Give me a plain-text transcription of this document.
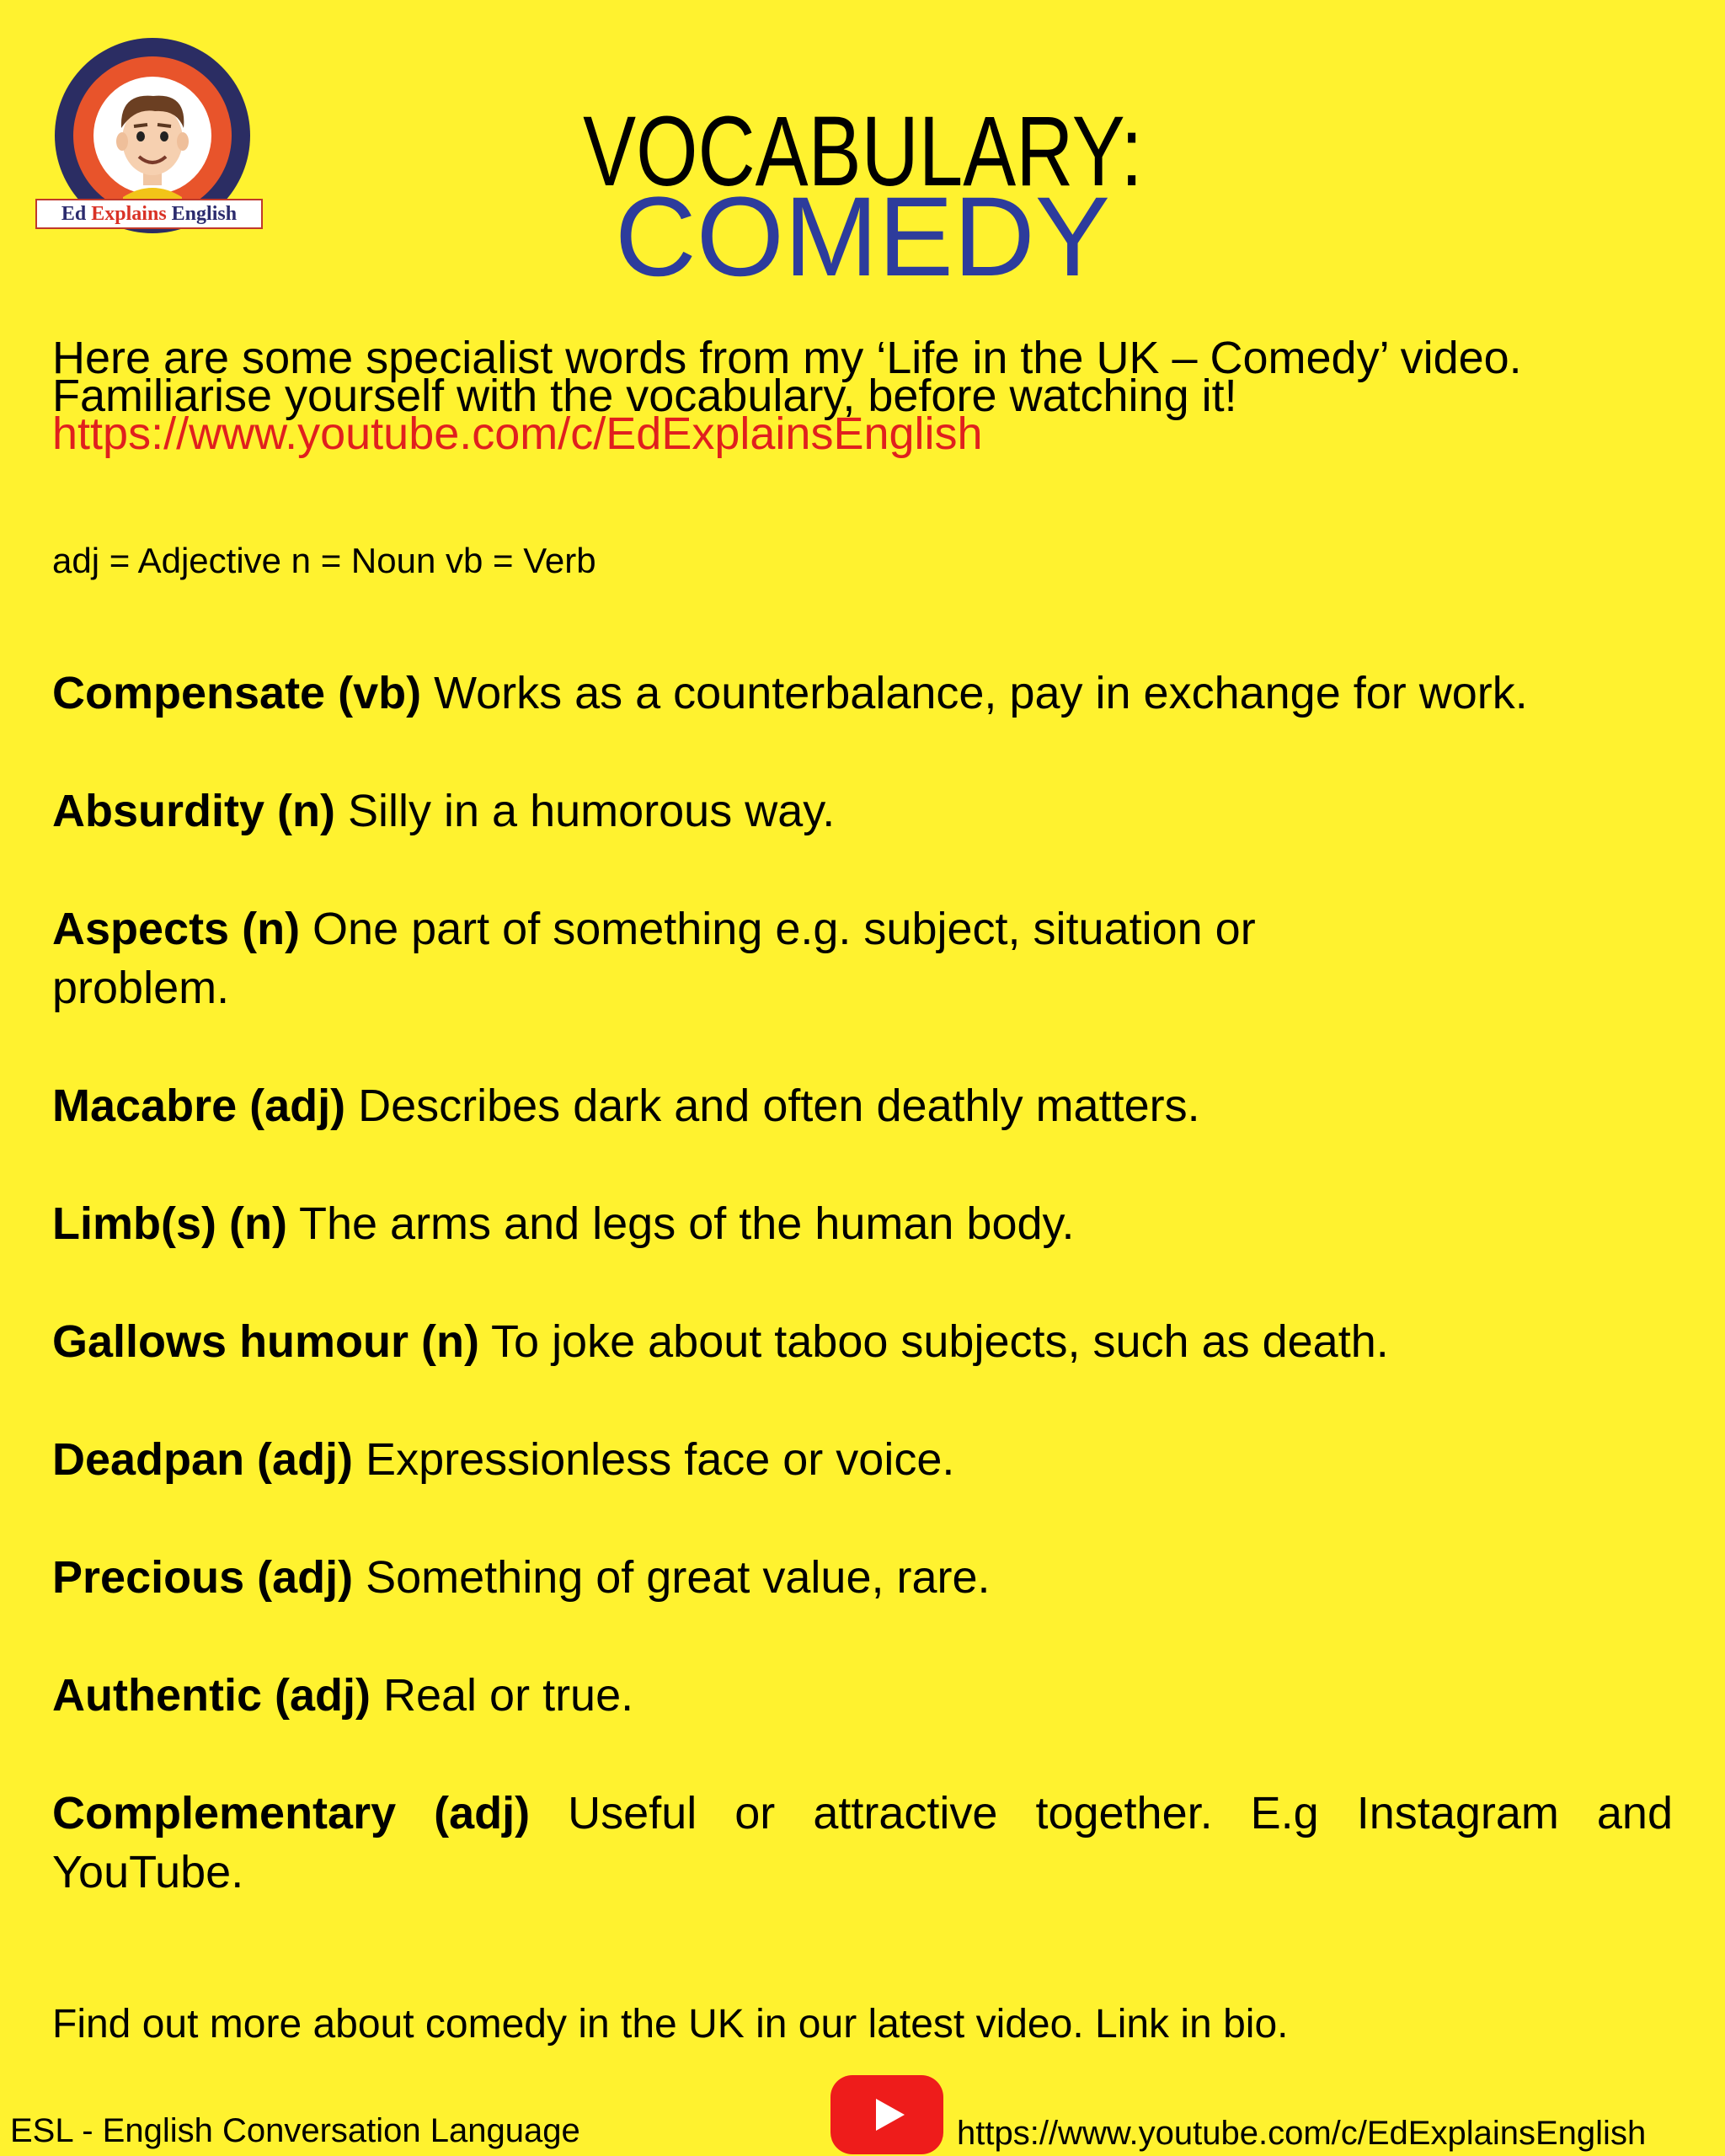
Ed Explains English
VOCABULARY:
COMEDY
Here are some specialist words from my ‘Life in the UK – Comedy’ video.
Familiarise yourself with the vocabulary, before watching it!
https://www.youtube.com/c/EdExplainsEnglish
adj = Adjective n = Noun vb = Verb
Compensate (vb) Works as a counterbalance, pay in exchange for work.
Absurdity (n) Silly in a humorous way.
Aspects (n) One part of something e.g. subject, situation or problem.
Macabre (adj) Describes dark and often deathly matters.
Limb(s) (n) The arms and legs of the human body.
Gallows humour (n) To joke about taboo subjects, such as death.
Deadpan (adj) Expressionless face or voice.
Precious (adj) Something of great value, rare.
Authentic (adj) Real or true.
Complementary (adj) Useful or attractive together. E.g Instagram and YouTube.
Find out more about comedy in the UK in our latest video. Link in bio.
ESL - English Conversation Language	https://www.youtube.com/c/EdExplainsEnglish
